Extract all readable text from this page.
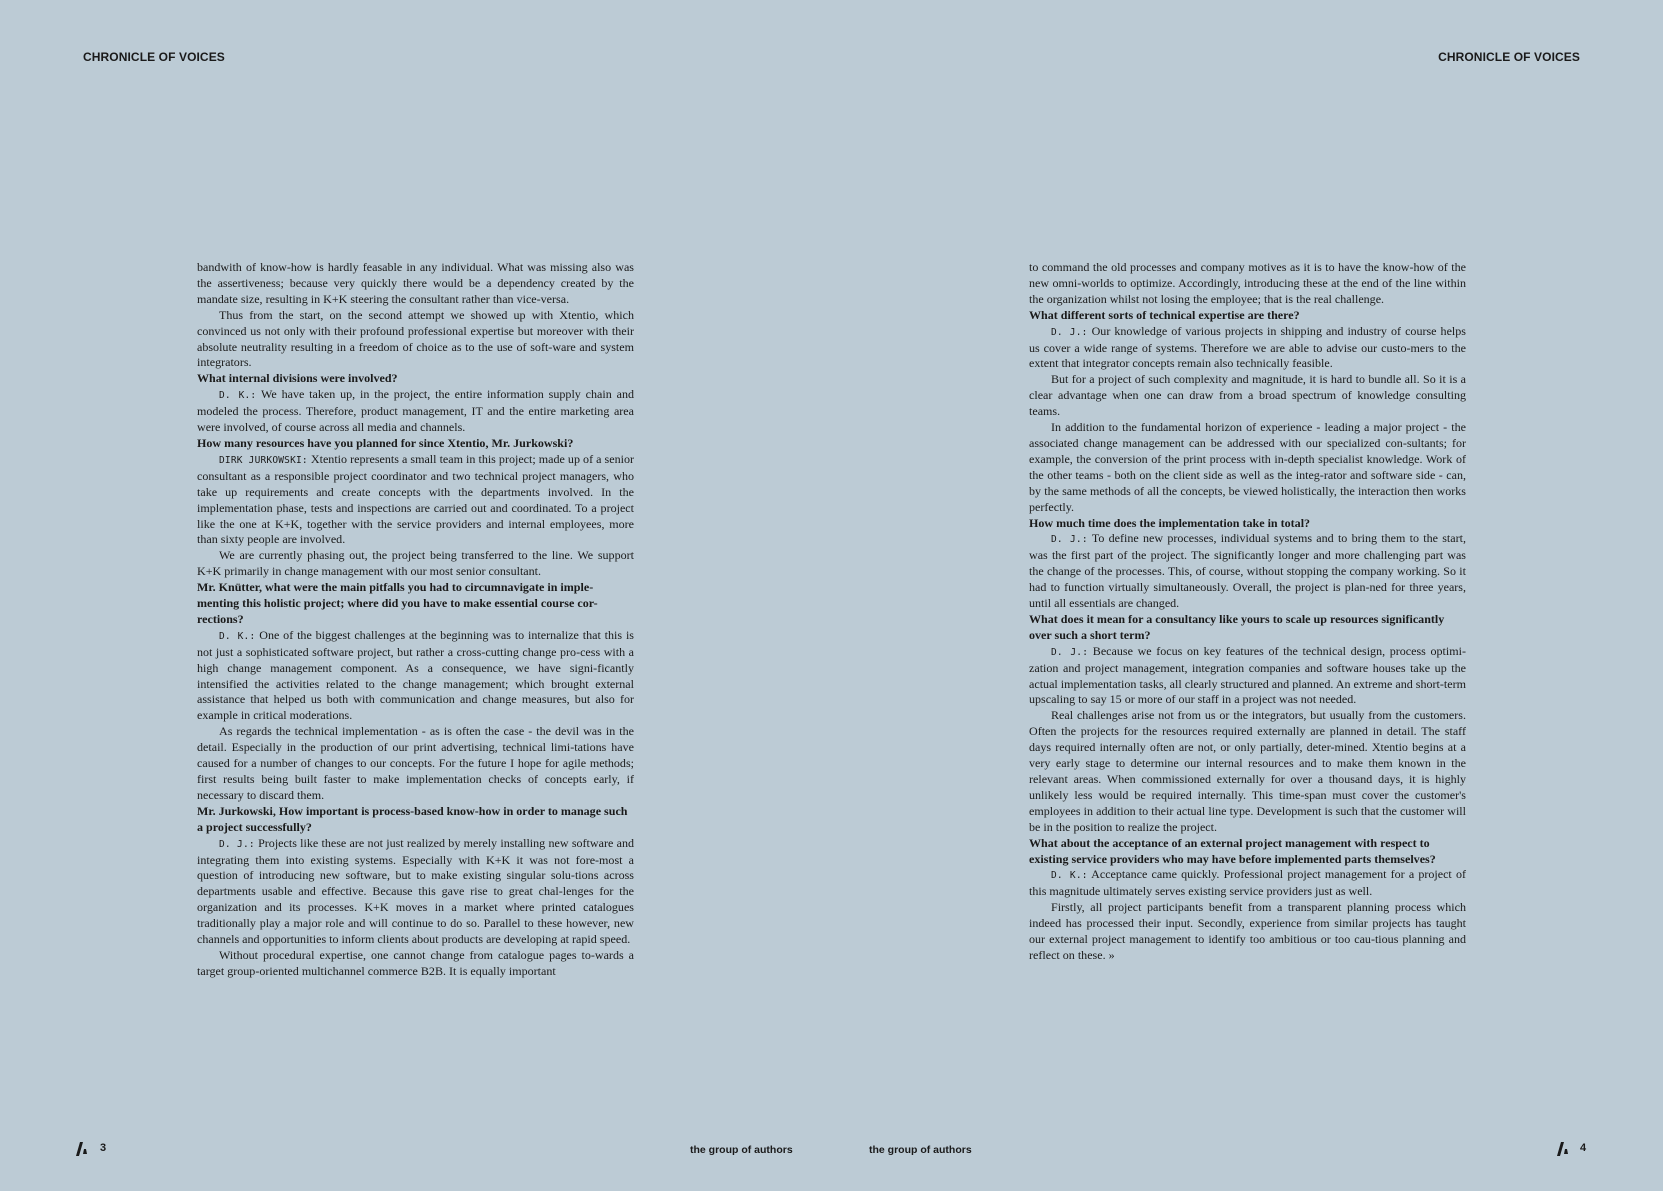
CHRONICLE OF VOICES	CHRONICLE OF VOICES

bandwith of know-how is hardly feasable in any individual. What was missing also was the assertiveness; because very quickly there would be a dependency created by the mandate size, resulting in K+K steering the consultant rather than vice-versa.

Thus from the start, on the second attempt we showed up with Xtentio, which convinced us not only with their profound professional expertise but moreover with their absolute neutrality resulting in a freedom of choice as to the use of soft-ware and system integrators.

What internal divisions were involved?

D. K.: We have taken up, in the project, the entire information supply chain and modeled the process. Therefore, product management, IT and the entire marketing area were involved, of course across all media and channels.

How many resources have you planned for since Xtentio, Mr. Jurkowski?

DIRK JURKOWSKI: Xtentio represents a small team in this project; made up of a senior consultant as a responsible project coordinator and two technical project managers, who take up requirements and create concepts with the departments involved. In the implementation phase, tests and inspections are carried out and coordinated. To a project like the one at K+K, together with the service providers and internal employees, more than sixty people are involved.

We are currently phasing out, the project being transferred to the line. We support K+K primarily in change management with our most senior consultant.

Mr. Knütter, what were the main pitfalls you had to circumnavigate in imple-menting this holistic project; where did you have to make essential course cor-rections?

D. K.: One of the biggest challenges at the beginning was to internalize that this is not just a sophisticated software project, but rather a cross-cutting change pro-cess with a high change management component. As a consequence, we have signi-ficantly intensified the activities related to the change management; which brought external assistance that helped us both with communication and change measures, but also for example in critical moderations.

As regards the technical implementation - as is often the case - the devil was in the detail. Especially in the production of our print advertising, technical limi-tations have caused for a number of changes to our concepts. For the future I hope for agile methods; first results being built faster to make implementation checks of concepts early, if necessary to discard them.

Mr. Jurkowski, How important is process-based know-how in order to manage such a project successfully?

D. J.: Projects like these are not just realized by merely installing new software and integrating them into existing systems. Especially with K+K it was not fore-most a question of introducing new software, but to make existing singular solu-tions across departments usable and effective. Because this gave rise to great chal-lenges for the organization and its processes. K+K moves in a market where printed catalogues traditionally play a major role and will continue to do so. Parallel to these however, new channels and opportunities to inform clients about products are developing at rapid speed.

Without procedural expertise, one cannot change from catalogue pages to-wards a target group-oriented multichannel commerce B2B. It is equally important

to command the old processes and company motives as it is to have the know-how of the new omni-worlds to optimize. Accordingly, introducing these at the end of the line within the organization whilst not losing the employee; that is the real challenge.

What different sorts of technical expertise are there?

D. J.: Our knowledge of various projects in shipping and industry of course helps us cover a wide range of systems. Therefore we are able to advise our custo-mers to the extent that integrator concepts remain also technically feasible.

But for a project of such complexity and magnitude, it is hard to bundle all. So it is a clear advantage when one can draw from a broad spectrum of knowledge consulting teams.

In addition to the fundamental horizon of experience - leading a major project - the associated change management can be addressed with our specialized con-sultants; for example, the conversion of the print process with in-depth specialist knowledge. Work of the other teams - both on the client side as well as the integ-rator and software side - can, by the same methods of all the concepts, be viewed holistically, the interaction then works perfectly.

How much time does the implementation take in total?

D. J.: To define new processes, individual systems and to bring them to the start, was the first part of the project. The significantly longer and more challenging part was the change of the processes. This, of course, without stopping the company working. So it had to function virtually simultaneously. Overall, the project is plan-ned for three years, until all essentials are changed.

What does it mean for a consultancy like yours to scale up resources significantly over such a short term?

D. J.: Because we focus on key features of the technical design, process optimi-zation and project management, integration companies and software houses take up the actual implementation tasks, all clearly structured and planned. An extreme and short-term upscaling to say 15 or more of our staff in a project was not needed.

Real challenges arise not from us or the integrators, but usually from the customers. Often the projects for the resources required externally are planned in detail. The staff days required internally often are not, or only partially, deter-mined. Xtentio begins at a very early stage to determine our internal resources and to make them known in the relevant areas. When commissioned externally for over a thousand days, it is highly unlikely less would be required internally. This time-span must cover the customer's employees in addition to their actual line type. Development is such that the customer will be in the position to realize the project.

What about the acceptance of an external project management with respect to existing service providers who may have before implemented parts themselves?

D. K.: Acceptance came quickly. Professional project management for a project of this magnitude ultimately serves existing service providers just as well.

Firstly, all project participants benefit from a transparent planning process which indeed has processed their input. Secondly, experience from similar projects has taught our external project management to identify too ambitious or too cau-tious planning and reflect on these. »

3	the group of authors	the group of authors	4
